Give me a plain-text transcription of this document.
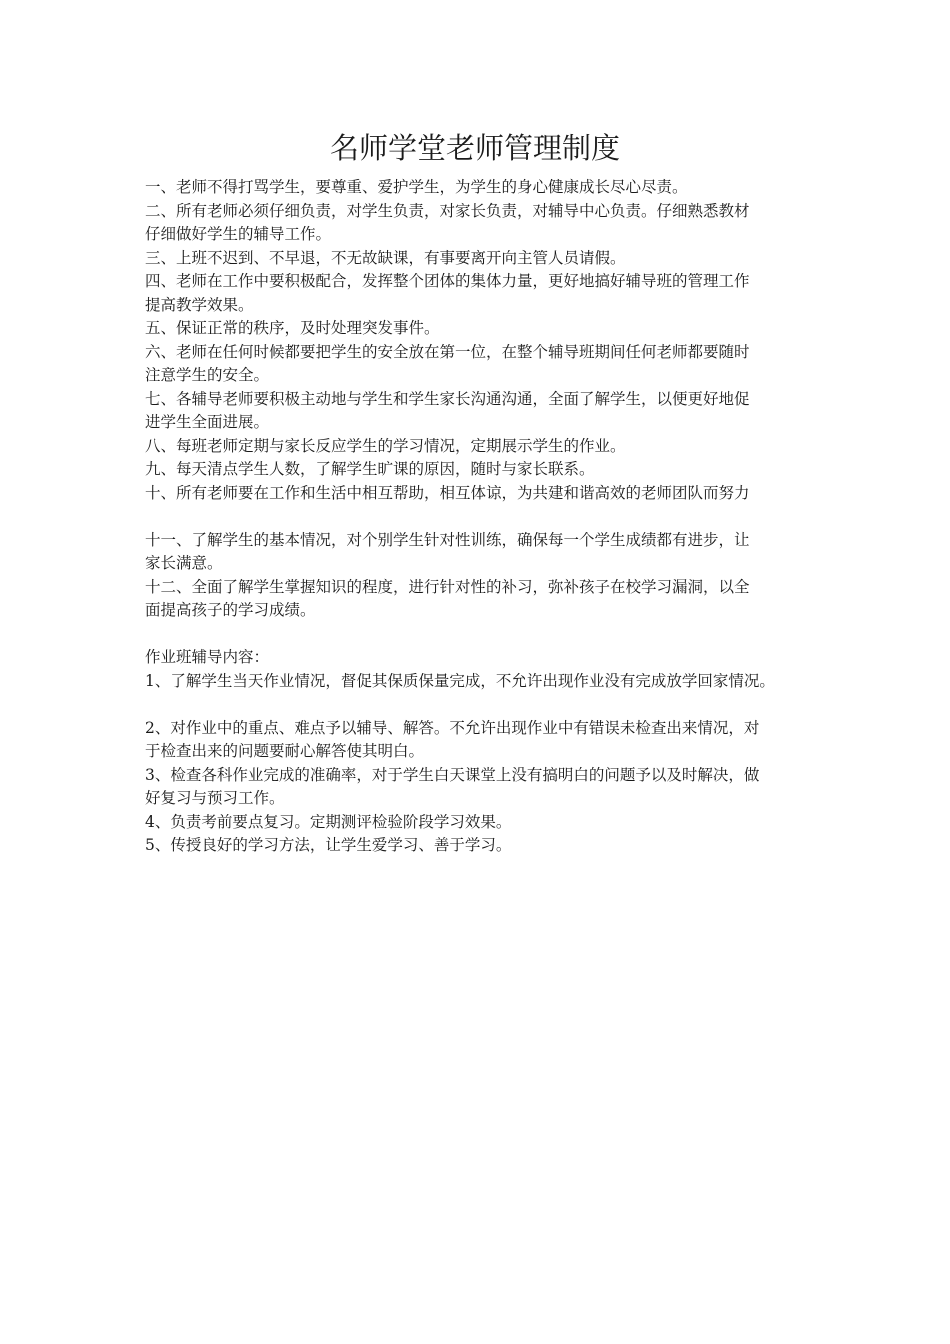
名师学堂老师管理制度
一、老师不得打骂学生，要尊重、爱护学生，为学生的身心健康成长尽心尽责。
二、所有老师必须仔细负责，对学生负责，对家长负责，对辅导中心负责。仔细熟悉教材
仔细做好学生的辅导工作。
三、上班不迟到、不早退，不无故缺课，有事要离开向主管人员请假。
四、老师在工作中要积极配合，发挥整个团体的集体力量，更好地搞好辅导班的管理工作
提高教学效果。
五、保证正常的秩序，及时处理突发事件。
六、老师在任何时候都要把学生的安全放在第一位，在整个辅导班期间任何老师都要随时
注意学生的安全。
七、各辅导老师要积极主动地与学生和学生家长沟通沟通，全面了解学生，以便更好地促
进学生全面进展。
八、每班老师定期与家长反应学生的学习情况，定期展示学生的作业。
九、每天清点学生人数，了解学生旷课的原因，随时与家长联系。
十、所有老师要在工作和生活中相互帮助，相互体谅，为共建和谐高效的老师团队而努力
十一、了解学生的基本情况，对个别学生针对性训练，确保每一个学生成绩都有进步，让
家长满意。
十二、全面了解学生掌握知识的程度，进行针对性的补习，弥补孩子在校学习漏洞，以全
面提高孩子的学习成绩。
作业班辅导内容：
1、了解学生当天作业情况，督促其保质保量完成，不允许出现作业没有完成放学回家情况。
2、对作业中的重点、难点予以辅导、解答。不允许出现作业中有错误未检查出来情况，对
于检查出来的问题要耐心解答使其明白。
3、检查各科作业完成的准确率，对于学生白天课堂上没有搞明白的问题予以及时解决，做
好复习与预习工作。
4、负责考前要点复习。定期测评检验阶段学习效果。
5、传授良好的学习方法，让学生爱学习、善于学习。
